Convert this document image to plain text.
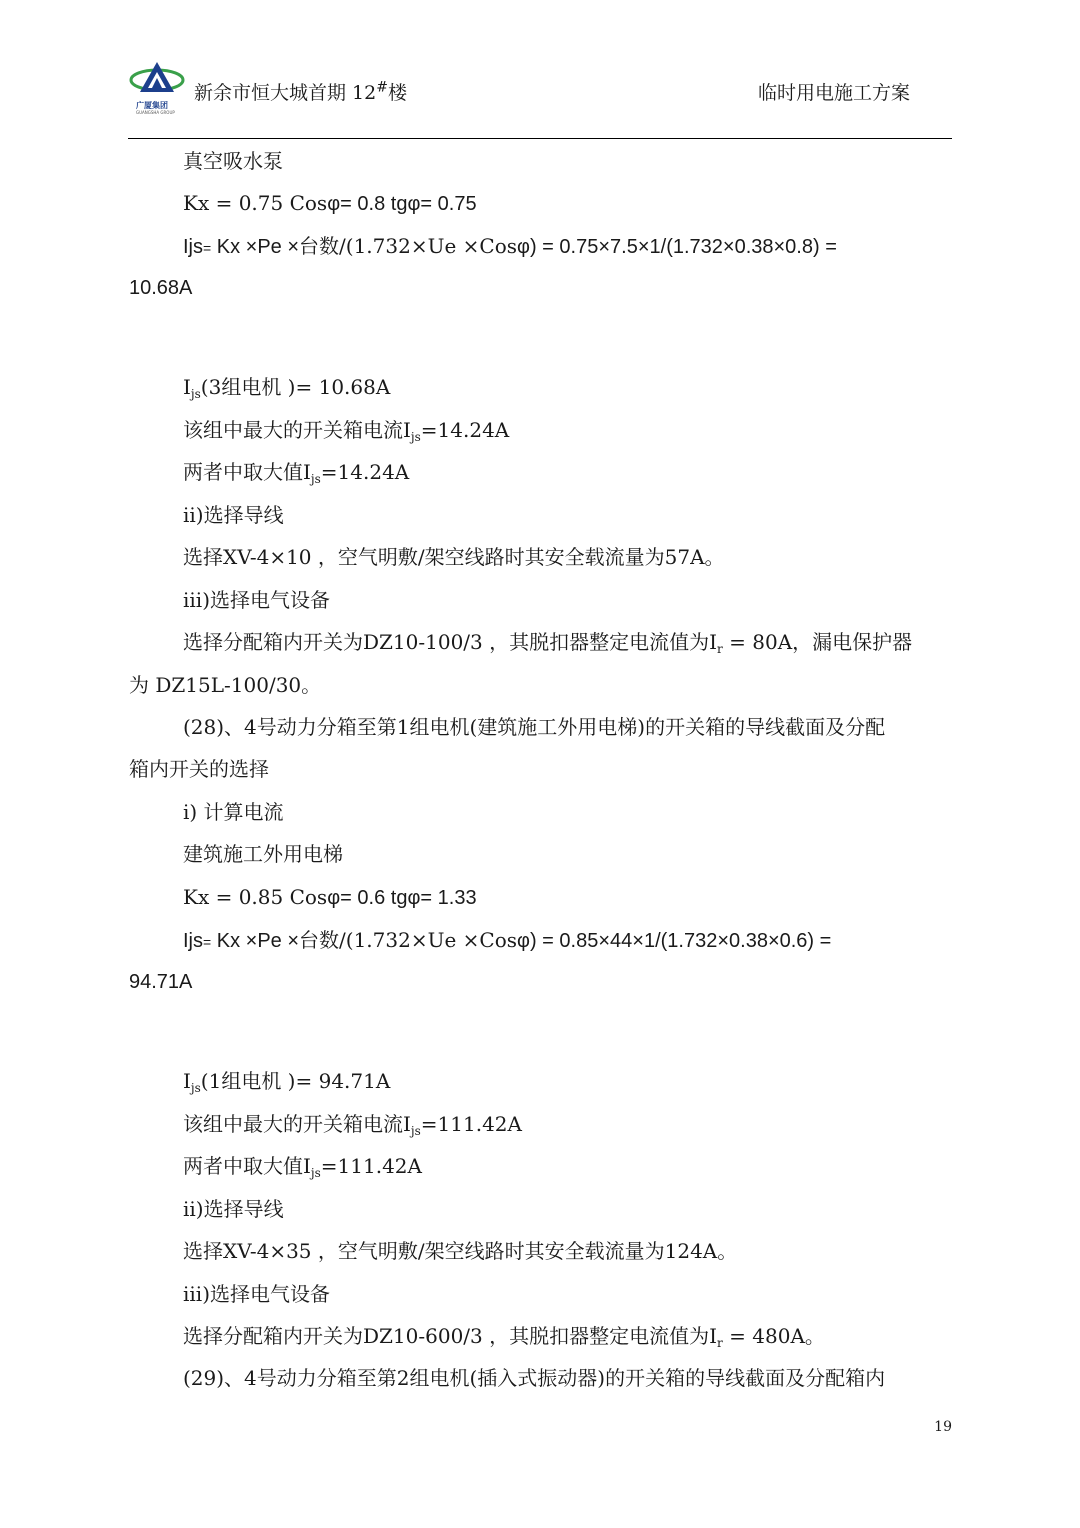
广厦集团
GUANGSHA GROUP
新余市恒大城首期 12#楼	临时用电施工方案
真空吸水泵
Kx = 0.75 Cosφ= 0.8 tgφ= 0.75
Ijs= Kx ×Pe ×台数/(1.732×Ue ×Cosφ) = 0.75×7.5×1/(1.732×0.38×0.8) =
10.68A
$I_{js}(3$组电机 )= 10.68A
该组中最大的开关箱电流$I_{js}=14.24A$
两者中取大值$I_{js}=14.24A$
ii)选择导线
选择XV-4×10 ，空气明敷/架空线路时其安全载流量为57A。
iii)选择电气设备
选择分配箱内开关为DZ10-100/3 ，其脱扣器整定电流值为$I_r = 80A$，漏电保护器
为 DZ15L-100/30。
(28)、4号动力分箱至第1组电机(建筑施工外用电梯)的开关箱的导线截面及分配
箱内开关的选择
i) 计算电流
建筑施工外用电梯
Kx = 0.85 Cosφ= 0.6 tgφ= 1.33
Ijs= Kx ×Pe ×台数/(1.732×Ue ×Cosφ) = 0.85×44×1/(1.732×0.38×0.6) =
94.71A
$I_{js}(1$组电机 )= 94.71A
该组中最大的开关箱电流$I_{js}=111.42A$
两者中取大值$I_{js}=111.42A$
ii)选择导线
选择XV-4×35 ，空气明敷/架空线路时其安全载流量为124A。
iii)选择电气设备
选择分配箱内开关为DZ10-600/3 ，其脱扣器整定电流值为$I_r = 480A$。
(29)、4号动力分箱至第2组电机(插入式振动器)的开关箱的导线截面及分配箱内
19
